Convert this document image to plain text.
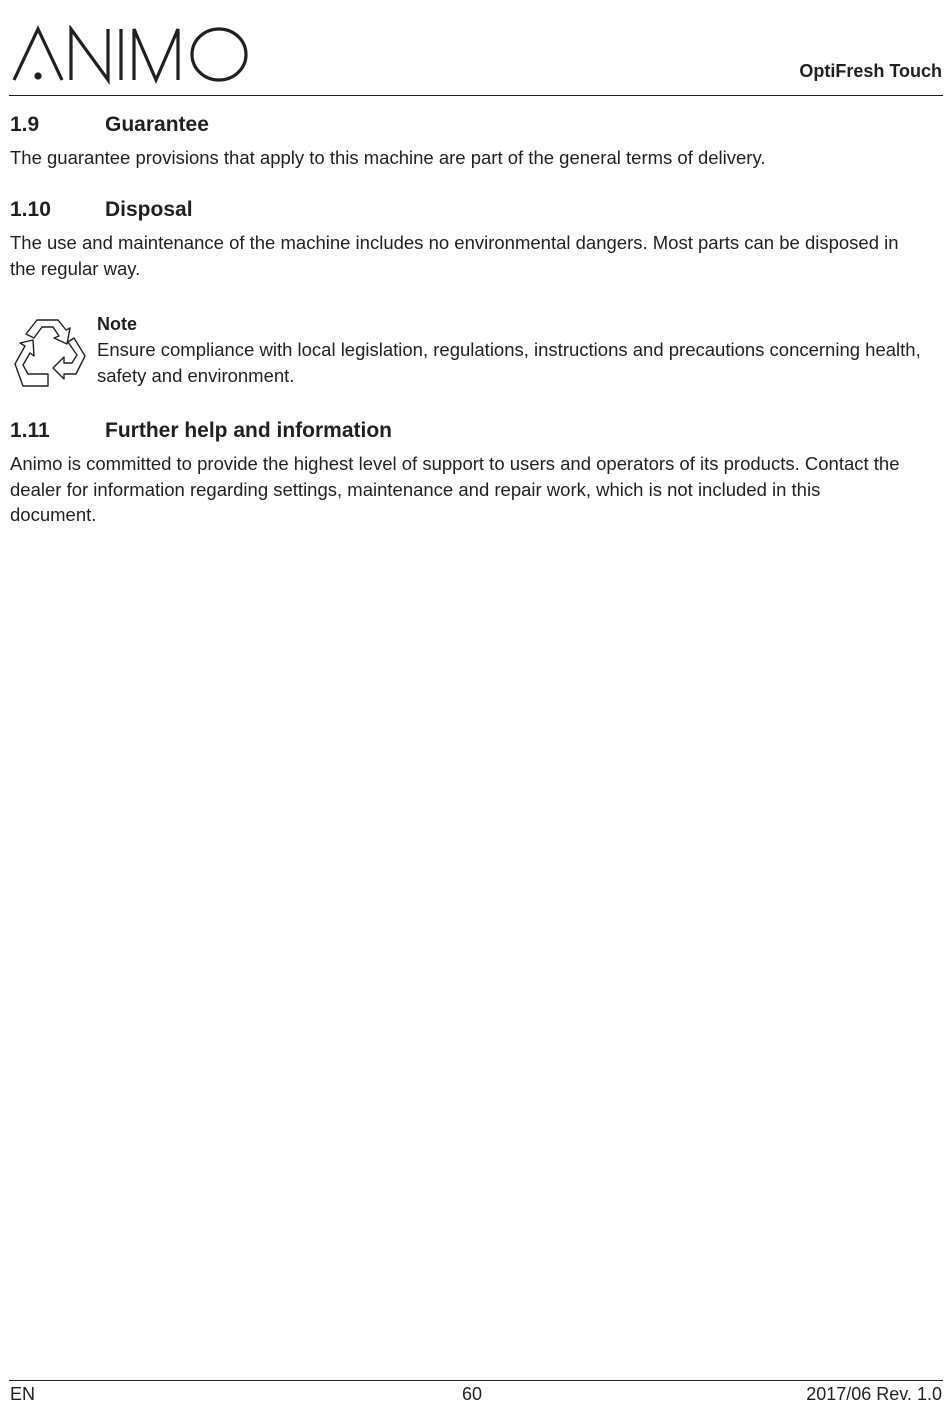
OptiFresh Touch
1.9	Guarantee
The guarantee provisions that apply to this machine are part of the general terms of delivery.
1.10	Disposal
The use and maintenance of the machine includes no environmental dangers. Most parts can be disposed in the regular way.
Note
Ensure compliance with local legislation, regulations, instructions and precautions concerning health, safety and environment.
1.11	Further help and information
Animo is committed to provide the highest level of support to users and operators of its products. Contact the dealer for information regarding settings, maintenance and repair work, which is not included in this document.
EN	60	2017/06 Rev. 1.0
